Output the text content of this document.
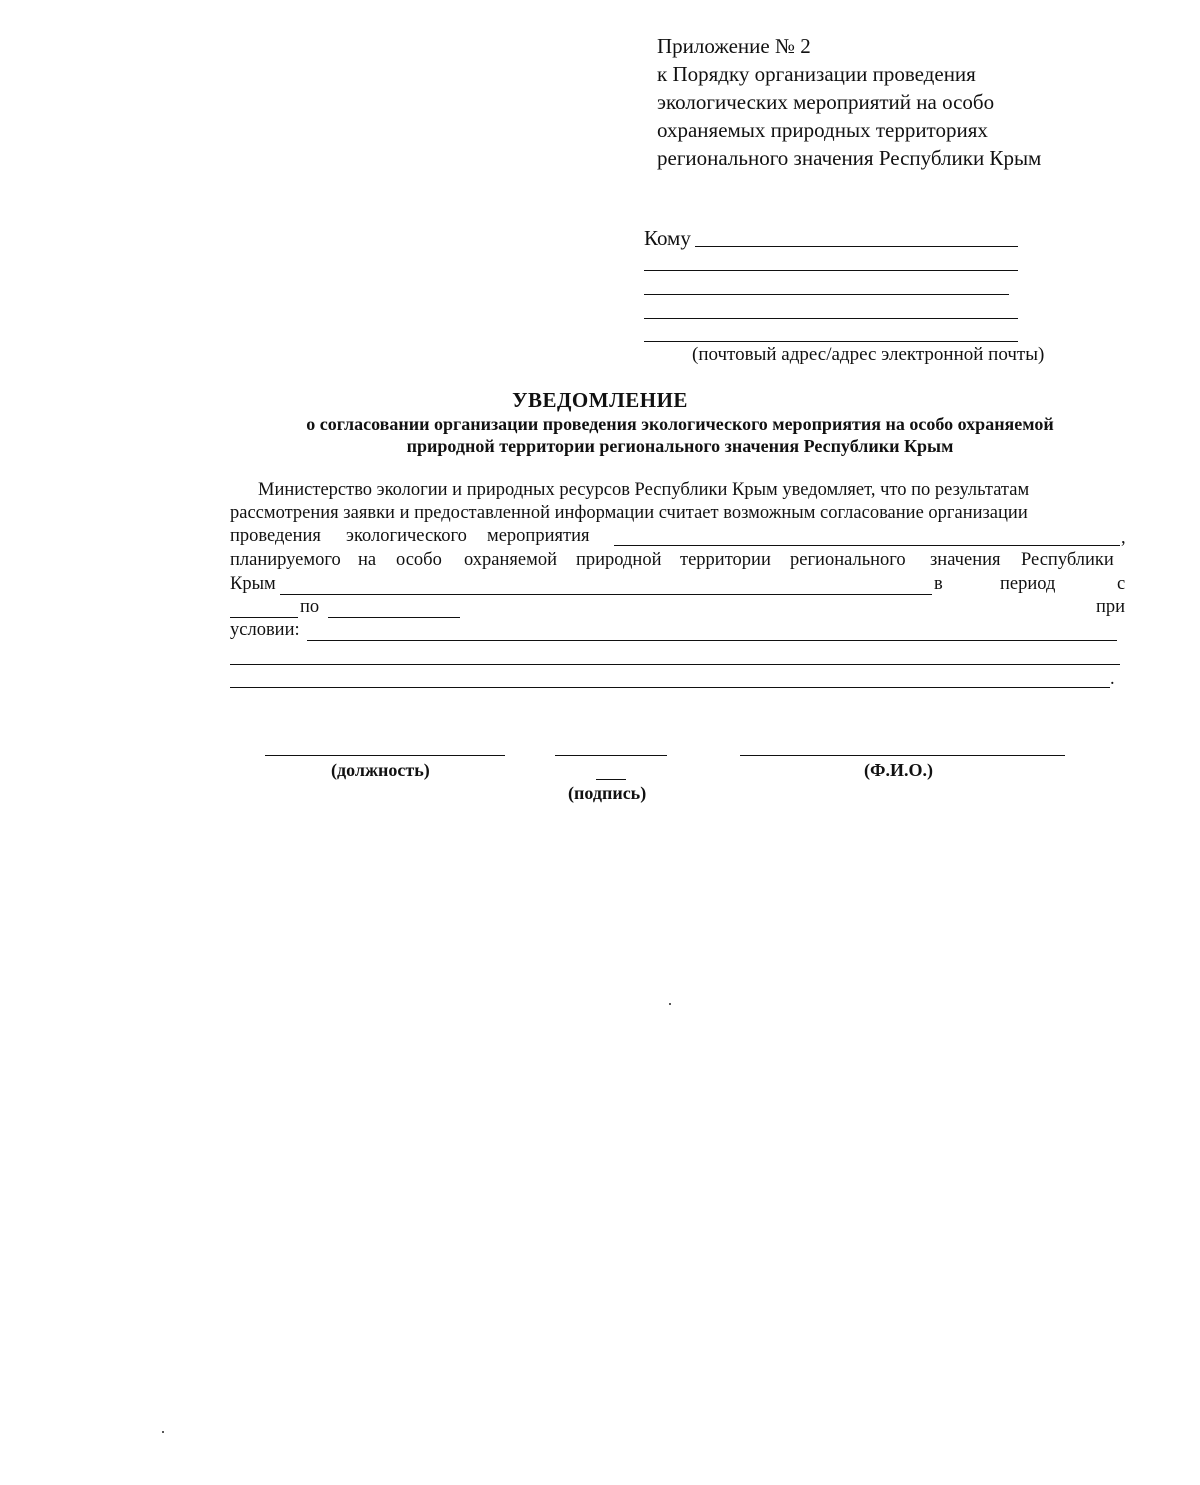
Приложение № 2
к Порядку организации проведения
экологических мероприятий на особо
охраняемых природных территориях
регионального значения Республики Крым
Кому
(почтовый адрес/адрес электронной почты)
УВЕДОМЛЕНИЕ
о согласовании организации проведения экологического мероприятия на особо охраняемой
природной территории регионального значения Республики Крым
Министерство экологии и природных ресурсов Республики Крым уведомляет, что по результатам
рассмотрения заявки и предоставленной информации считает возможным согласование организации
проведения экологического мероприятия	,
планируемого на особо охраняемой природной территории регионального значения Республики
Крым	в	период	с
по	при
условии:
.
(должность)	(Ф.И.О.)
(подпись)
